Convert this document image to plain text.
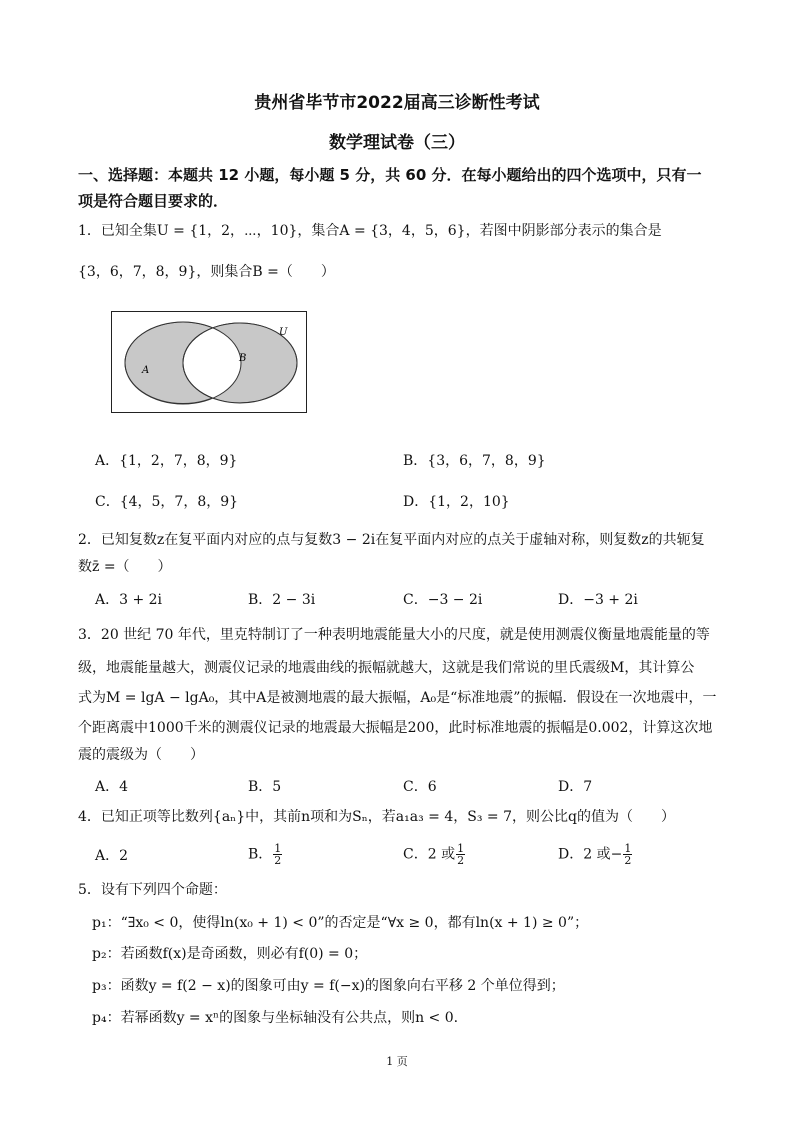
贵州省毕节市2022届高三诊断性考试
数学理试卷（三）
一、选择题：本题共 12 小题，每小题 5 分，共 60 分．在每小题给出的四个选项中，只有一
项是符合题目要求的．
1．已知全集U = {1，2，⋯，10}，集合A = {3，4，5，6}，若图中阴影部分表示的集合是
{3，6，7，8，9}，则集合B =（　　）
U
A
B
A．{1，2，7，8，9}	B．{3，6，7，8，9}
C．{4，5，7，8，9}	D．{1，2，10}
2．已知复数z在复平面内对应的点与复数3 − 2i在复平面内对应的点关于虚轴对称，则复数z的共轭复
数z̄ =（　　）
A．3 + 2i	B．2 − 3i	C．−3 − 2i	D．−3 + 2i
3．20 世纪 70 年代，里克特制订了一种表明地震能量大小的尺度，就是使用测震仪衡量地震能量的等
级，地震能量越大，测震仪记录的地震曲线的振幅就越大，这就是我们常说的里氏震级M，其计算公
式为M = lgA − lgA₀，其中A是被测地震的最大振幅，A₀是“标准地震”的振幅．假设在一次地震中，一
个距离震中1000千米的测震仪记录的地震最大振幅是200，此时标准地震的振幅是0.002，计算这次地
震的震级为（　　）
A．4	B．5	C．6	D．7
4．已知正项等比数列{aₙ}中，其前n项和为Sₙ，若a₁a₃ = 4，S₃ = 7，则公比q的值为（　　）
A．2	B． $\frac{1}{2}$	C．2 或 $\frac{1}{2}$	D．2 或− $\frac{1}{2}$
5．设有下列四个命题：
p₁：“∃x₀ < 0，使得ln(x₀ + 1) < 0”的否定是“∀x ≥ 0，都有ln(x + 1) ≥ 0”；
p₂：若函数f(x)是奇函数，则必有f(0) = 0；
p₃：函数y = f(2 − x)的图象可由y = f(−x)的图象向右平移 2 个单位得到；
p₄：若幂函数y = xⁿ的图象与坐标轴没有公共点，则n < 0.
1 页
